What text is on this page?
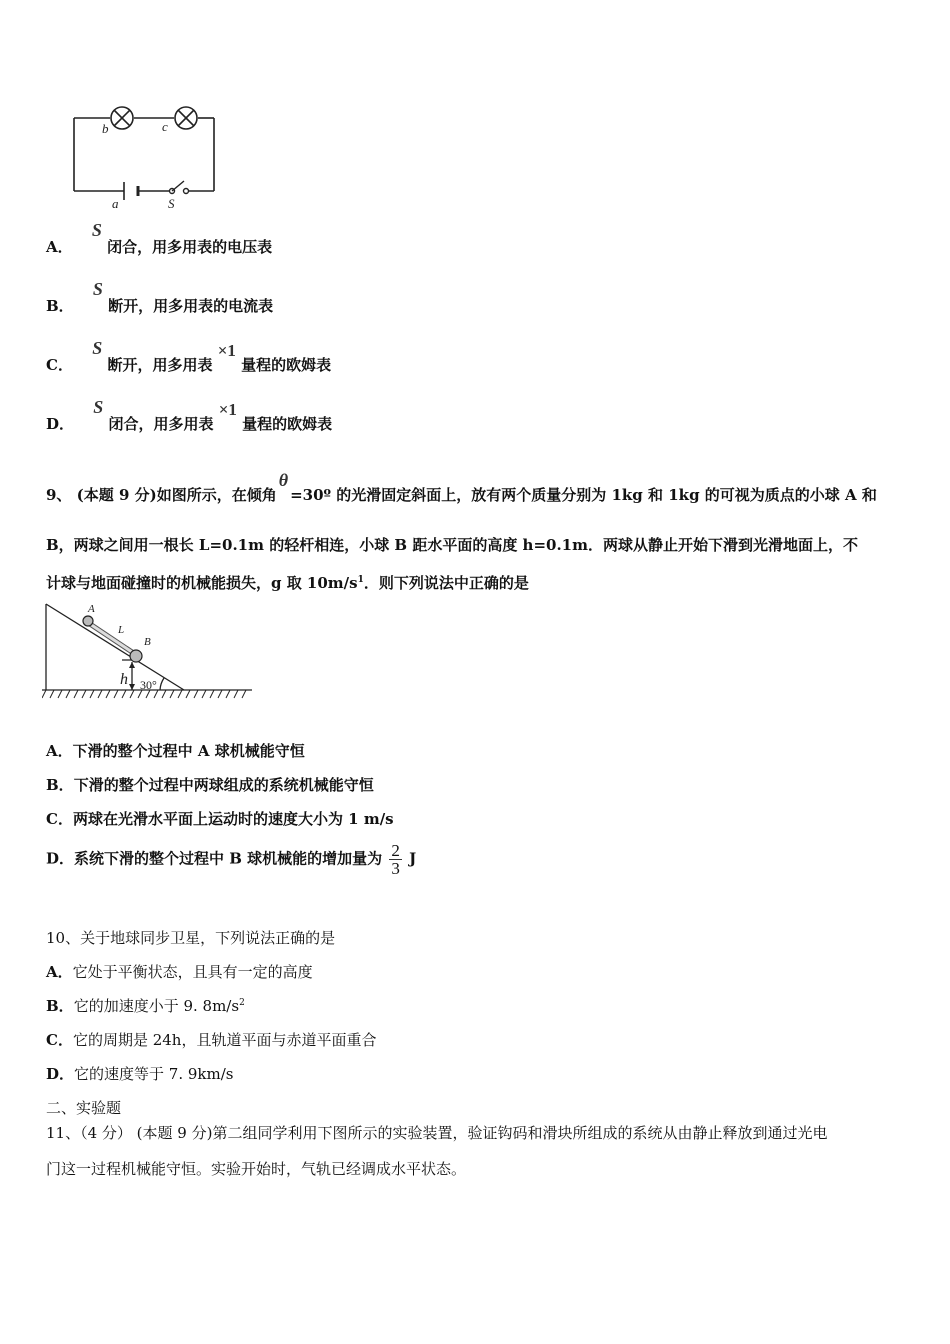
b	c
a	S
A． S 闭合，用多用表的电压表
B． S 断开，用多用表的电流表
C． S 断开，用多用表 ×1 量程的欧姆表
D． S 闭合，用多用表 ×1 量程的欧姆表
9、 (本题 9 分)如图所示，在倾角θ=30º 的光滑固定斜面上，放有两个质量分别为 1kg 和 1kg 的可视为质点的小球 A 和
B，两球之间用一根长 L=0.1m 的轻杆相连，小球 B 距水平面的高度 h=0.1m．两球从静止开始下滑到光滑地面上，不
计球与地面碰撞时的机械能损失，g 取 $10m/s^1$．则下列说法中正确的是
A
L
B
h 30°
A．下滑的整个过程中 A 球机械能守恒
B．下滑的整个过程中两球组成的系统机械能守恒
C．两球在光滑水平面上运动时的速度大小为 1 m/s
D．系统下滑的整个过程中 B 球机械能的增加量为 $\frac{2}{3}$ J
10、关于地球同步卫星，下列说法正确的是
A．它处于平衡状态，且具有一定的高度
B．它的加速度小于 9. $8m/s^2$
C．它的周期是 24h，且轨道平面与赤道平面重合
D．它的速度等于 7. 9km/s
二、实验题
11、（4 分） (本题 9 分)第二组同学利用下图所示的实验装置，验证钩码和滑块所组成的系统从由静止释放到通过光电
门这一过程机械能守恒。实验开始时，气轨已经调成水平状态。
